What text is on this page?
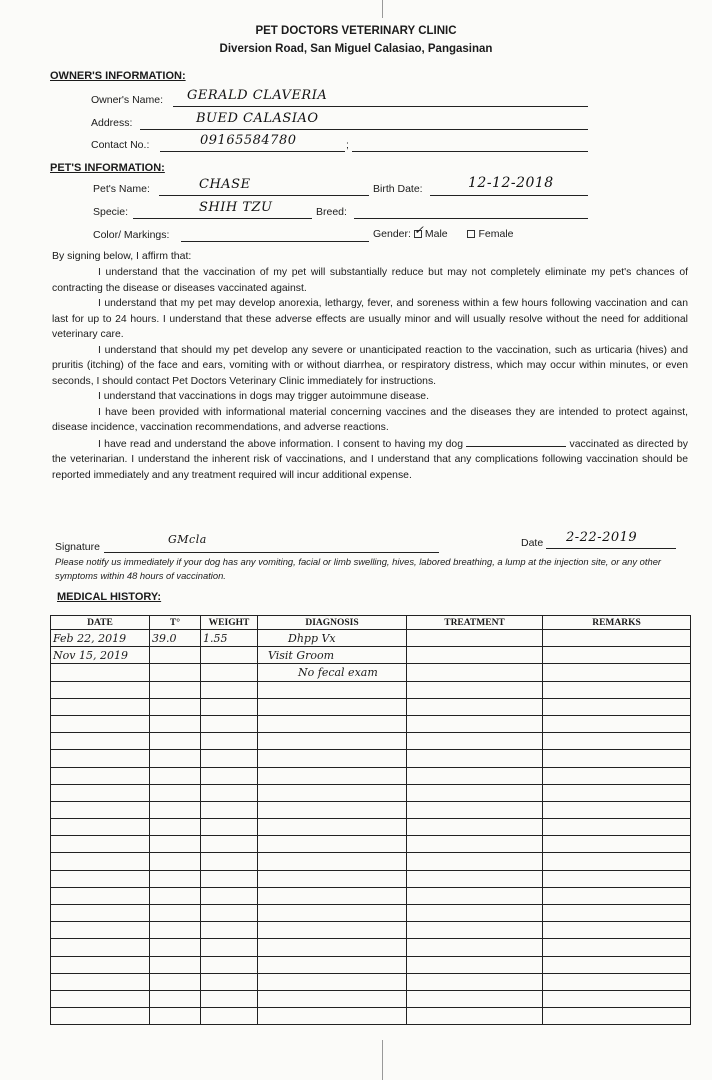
PET DOCTORS VETERINARY CLINIC
Diversion Road, San Miguel Calasiao, Pangasinan
OWNER'S INFORMATION:
Owner's Name: GERALD CLAVERIA
Address:	BUED CALASIAO
Contact No.:	09165584780	;
PET'S INFORMATION:
Pet's Name:	CHASE	Birth Date:	12-12-2018
Specie:	SHIH TZU	Breed:
Color/ Markings:	Gender: ✓ Male	Female
By signing below, I affirm that:

I understand that the vaccination of my pet will substantially reduce but may not completely eliminate my pet's chances of contracting the disease or diseases vaccinated against.

I understand that my pet may develop anorexia, lethargy, fever, and soreness within a few hours following vaccination and can last for up to 24 hours. I understand that these adverse effects are usually minor and will usually resolve without the need for additional veterinary care.

I understand that should my pet develop any severe or unanticipated reaction to the vaccination, such as urticaria (hives) and pruritis (itching) of the face and ears, vomiting with or without diarrhea, or respiratory distress, which may occur within minutes, or even seconds, I should contact Pet Doctors Veterinary Clinic immediately for instructions.

I understand that vaccinations in dogs may trigger autoimmune disease.

I have been provided with informational material concerning vaccines and the diseases they are intended to protect against, disease incidence, vaccination recommendations, and adverse reactions.

I have read and understand the above information. I consent to having my dog	vaccinated as directed by the veterinarian. I understand the inherent risk of vaccinations, and I understand that any complications following vaccination should be reported immediately and any treatment required will incur additional expense.

Signature
GMcla	Date 2-22-2019
Please notify us immediately if your dog has any vomiting, facial or limb swelling, hives, labored breathing, a lump at the injection site, or any other symptoms within 48 hours of vaccination.
MEDICAL HISTORY:
DATE	T°	WEIGHT	DIAGNOSIS	TREATMENT	REMARKS
Feb 22, 2019	39.0	1.55	Dhpp Vx		
Nov 15, 2019			Visit Groom		
			No fecal exam		
